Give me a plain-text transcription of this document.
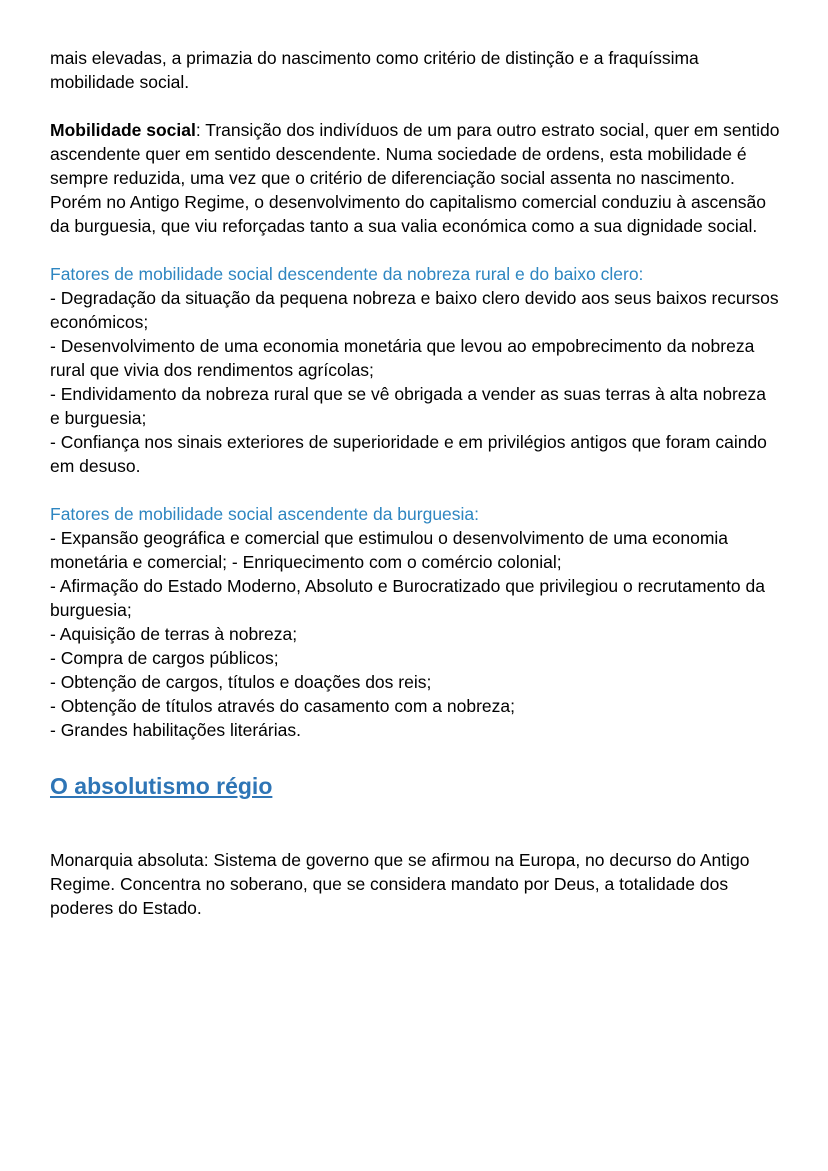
mais elevadas, a primazia do nascimento como critério de distinção e a fraquíssima mobilidade social.

Mobilidade social: Transição dos indivíduos de um para outro estrato social, quer em sentido ascendente quer em sentido descendente. Numa sociedade de ordens, esta mobilidade é sempre reduzida, uma vez que o critério de diferenciação social assenta no nascimento. Porém no Antigo Regime, o desenvolvimento do capitalismo comercial conduziu à ascensão da burguesia, que viu reforçadas tanto a sua valia económica como a sua dignidade social.

Fatores de mobilidade social descendente da nobreza rural e do baixo clero:
- Degradação da situação da pequena nobreza e baixo clero devido aos seus baixos recursos económicos;
- Desenvolvimento de uma economia monetária que levou ao empobrecimento da nobreza rural que vivia dos rendimentos agrícolas;
- Endividamento da nobreza rural que se vê obrigada a vender as suas terras à alta nobreza e burguesia;
- Confiança nos sinais exteriores de superioridade e em privilégios antigos que foram caindo em desuso.
Fatores de mobilidade social ascendente da burguesia:
- Expansão geográfica e comercial que estimulou o desenvolvimento de uma economia monetária e comercial; - Enriquecimento com o comércio colonial;
- Afirmação do Estado Moderno, Absoluto e Burocratizado que privilegiou o recrutamento da burguesia;
- Aquisição de terras à nobreza;
- Compra de cargos públicos;
- Obtenção de cargos, títulos e doações dos reis;
- Obtenção de títulos através do casamento com a nobreza;
- Grandes habilitações literárias.
O absolutismo régio

Monarquia absoluta: Sistema de governo que se afirmou na Europa, no decurso do Antigo Regime. Concentra no soberano, que se considera mandato por Deus, a totalidade dos poderes do Estado.
